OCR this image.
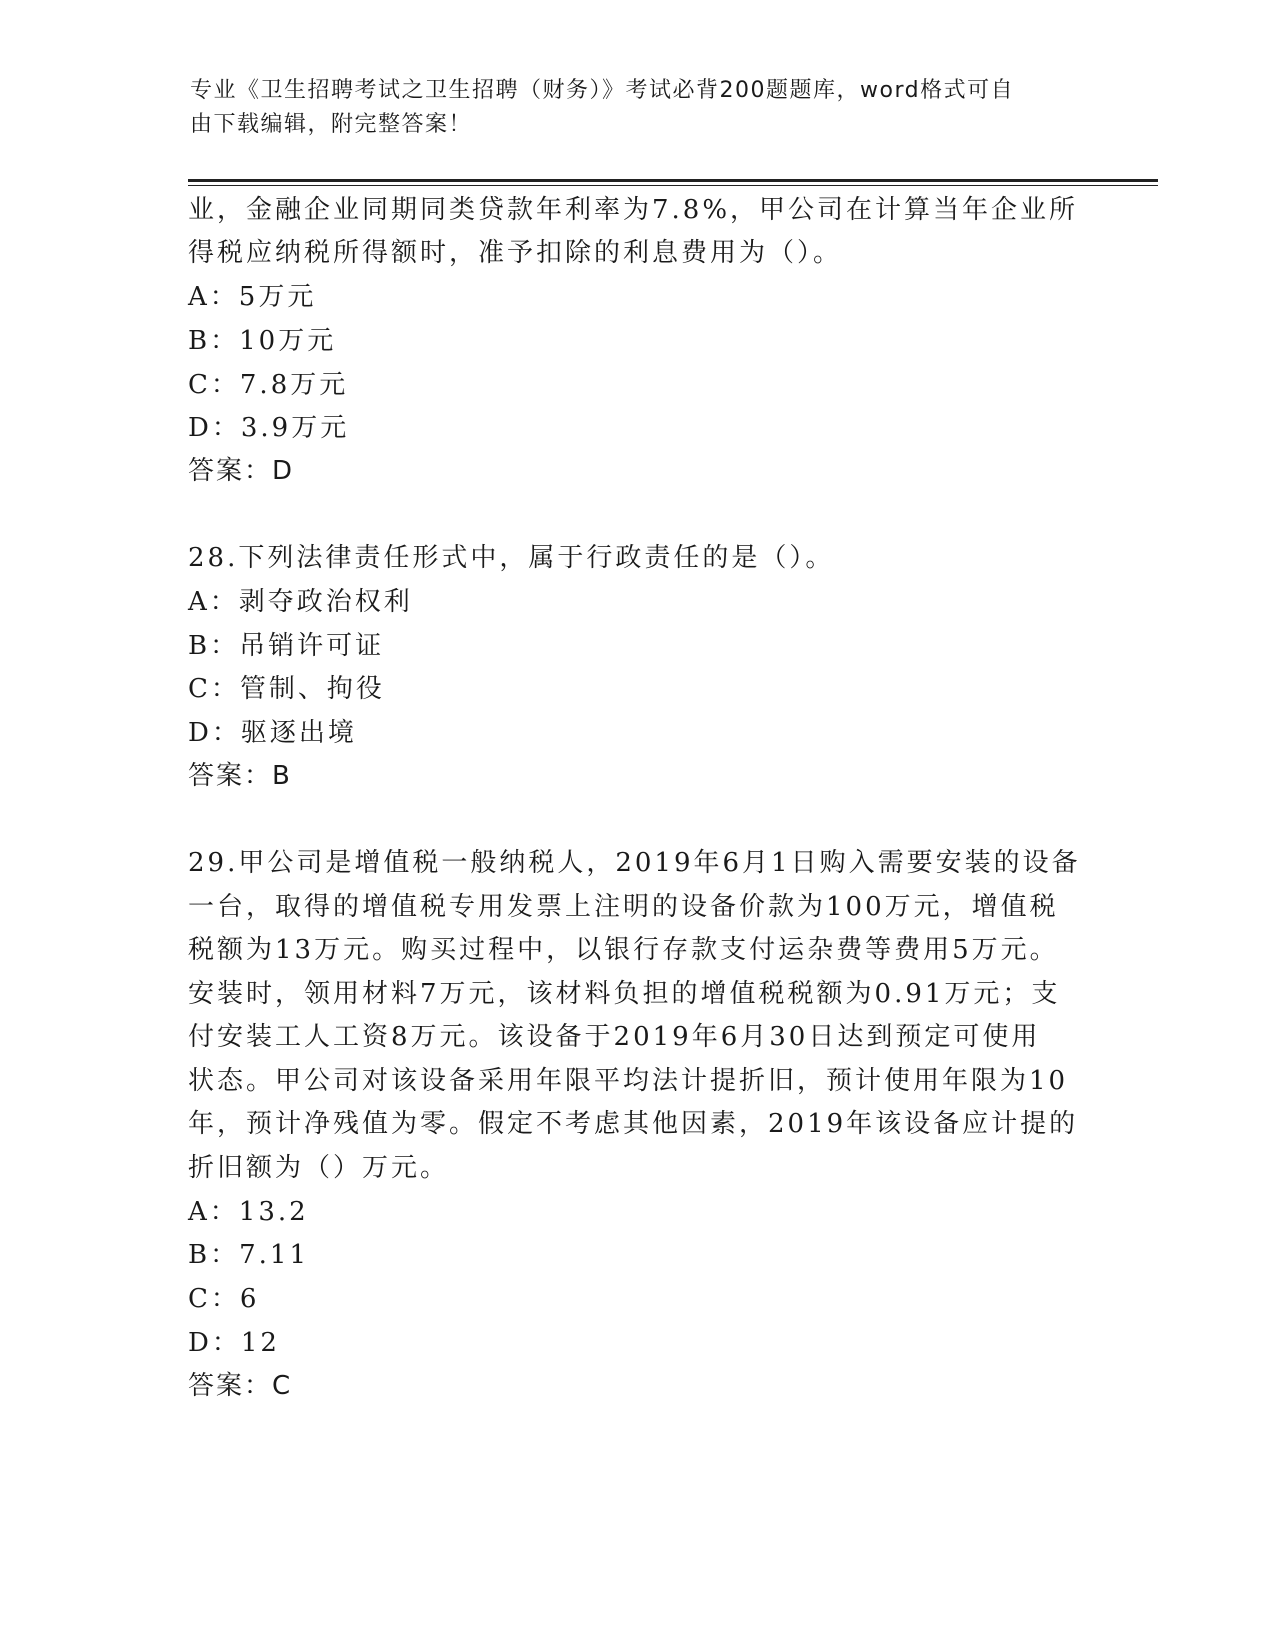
专业《卫生招聘考试之卫生招聘（财务）》考试必背200题题库，word格式可自
由下载编辑，附完整答案！
业，金融企业同期同类贷款年利率为7.8%，甲公司在计算当年企业所
得税应纳税所得额时，准予扣除的利息费用为（）。
A：5万元
B：10万元
C：7.8万元
D：3.9万元
答案：D
28.下列法律责任形式中，属于行政责任的是（）。
A：剥夺政治权利
B：吊销许可证
C：管制、拘役
D：驱逐出境
答案：B
29.甲公司是增值税一般纳税人，2019年6月1日购入需要安装的设备
一台，取得的增值税专用发票上注明的设备价款为100万元，增值税
税额为13万元。购买过程中，以银行存款支付运杂费等费用5万元。
安装时，领用材料7万元，该材料负担的增值税税额为0.91万元；支
付安装工人工资8万元。该设备于2019年6月30日达到预定可使用
状态。甲公司对该设备采用年限平均法计提折旧，预计使用年限为10
年，预计净残值为零。假定不考虑其他因素，2019年该设备应计提的
折旧额为（）万元。
A：13.2
B：7.11
C：6
D：12
答案：C
